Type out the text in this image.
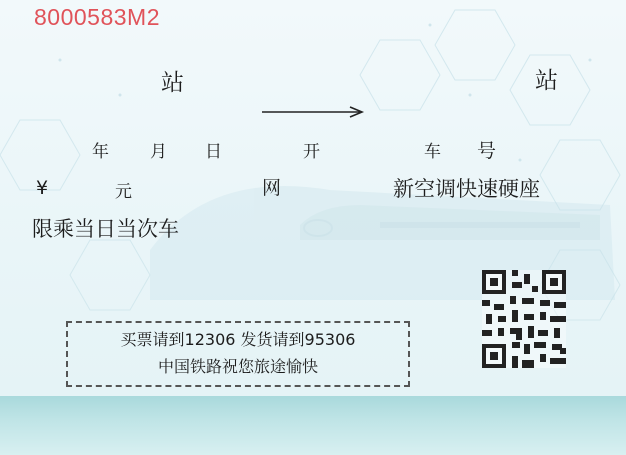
8000583M2
站	站
年 月 日	开	车 号
¥	元	网	新空调快速硬座
限乘当日当次车
买票请到12306 发货请到95306
中国铁路祝您旅途愉快
